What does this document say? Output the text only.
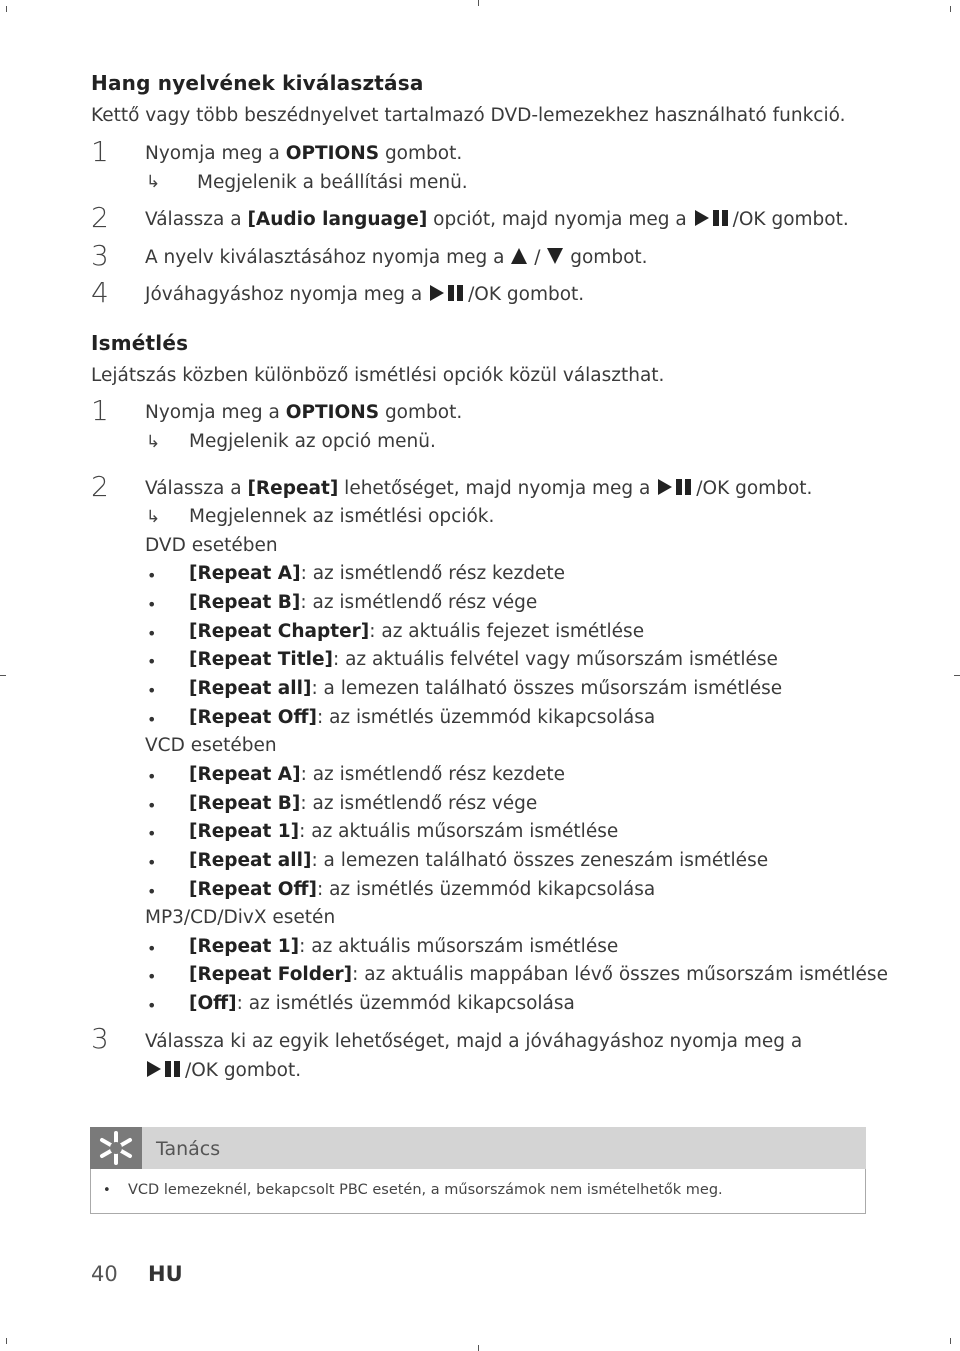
Hang nyelvének kiválasztása
Kettő vagy több beszédnyelvet tartalmazó DVD-lemezekhez használható funkció.
1 Nyomja meg a OPTIONS gombot.
↳ Megjelenik a beállítási menü.
2 Válassza a [Audio language] opciót, majd nyomja meg a /OK gombot.
3 A nyelv kiválasztásához nyomja meg a  /  gombot.
4 Jóváhagyáshoz nyomja meg a /OK gombot.
Ismétlés
Lejátszás közben különböző ismétlési opciók közül választhat.
1 Nyomja meg a OPTIONS gombot.
↳ Megjelenik az opció menü.
2 Válassza a [Repeat] lehetőséget, majd nyomja meg a /OK gombot.
↳ Megjelennek az ismétlési opciók.
DVD esetében
• [Repeat A]: az ismétlendő rész kezdete
• [Repeat B]: az ismétlendő rész vége
• [Repeat Chapter]: az aktuális fejezet ismétlése
• [Repeat Title]: az aktuális felvétel vagy műsorszám ismétlése
• [Repeat all]: a lemezen található összes műsorszám ismétlése
• [Repeat Off]: az ismétlés üzemmód kikapcsolása
VCD esetében
• [Repeat A]: az ismétlendő rész kezdete
• [Repeat B]: az ismétlendő rész vége
• [Repeat 1]: az aktuális műsorszám ismétlése
• [Repeat all]: a lemezen található összes zeneszám ismétlése
• [Repeat Off]: az ismétlés üzemmód kikapcsolása
MP3/CD/DivX esetén
• [Repeat 1]: az aktuális műsorszám ismétlése
• [Repeat Folder]: az aktuális mappában lévő összes műsorszám ismétlése
• [Off]: az ismétlés üzemmód kikapcsolása
3 Válassza ki az egyik lehetőséget, majd a jóváhagyáshoz nyomja meg a
/OK gombot.
Tanács
• VCD lemezeknél, bekapcsolt PBC esetén, a műsorszámok nem ismételhetők meg.
40 HU
